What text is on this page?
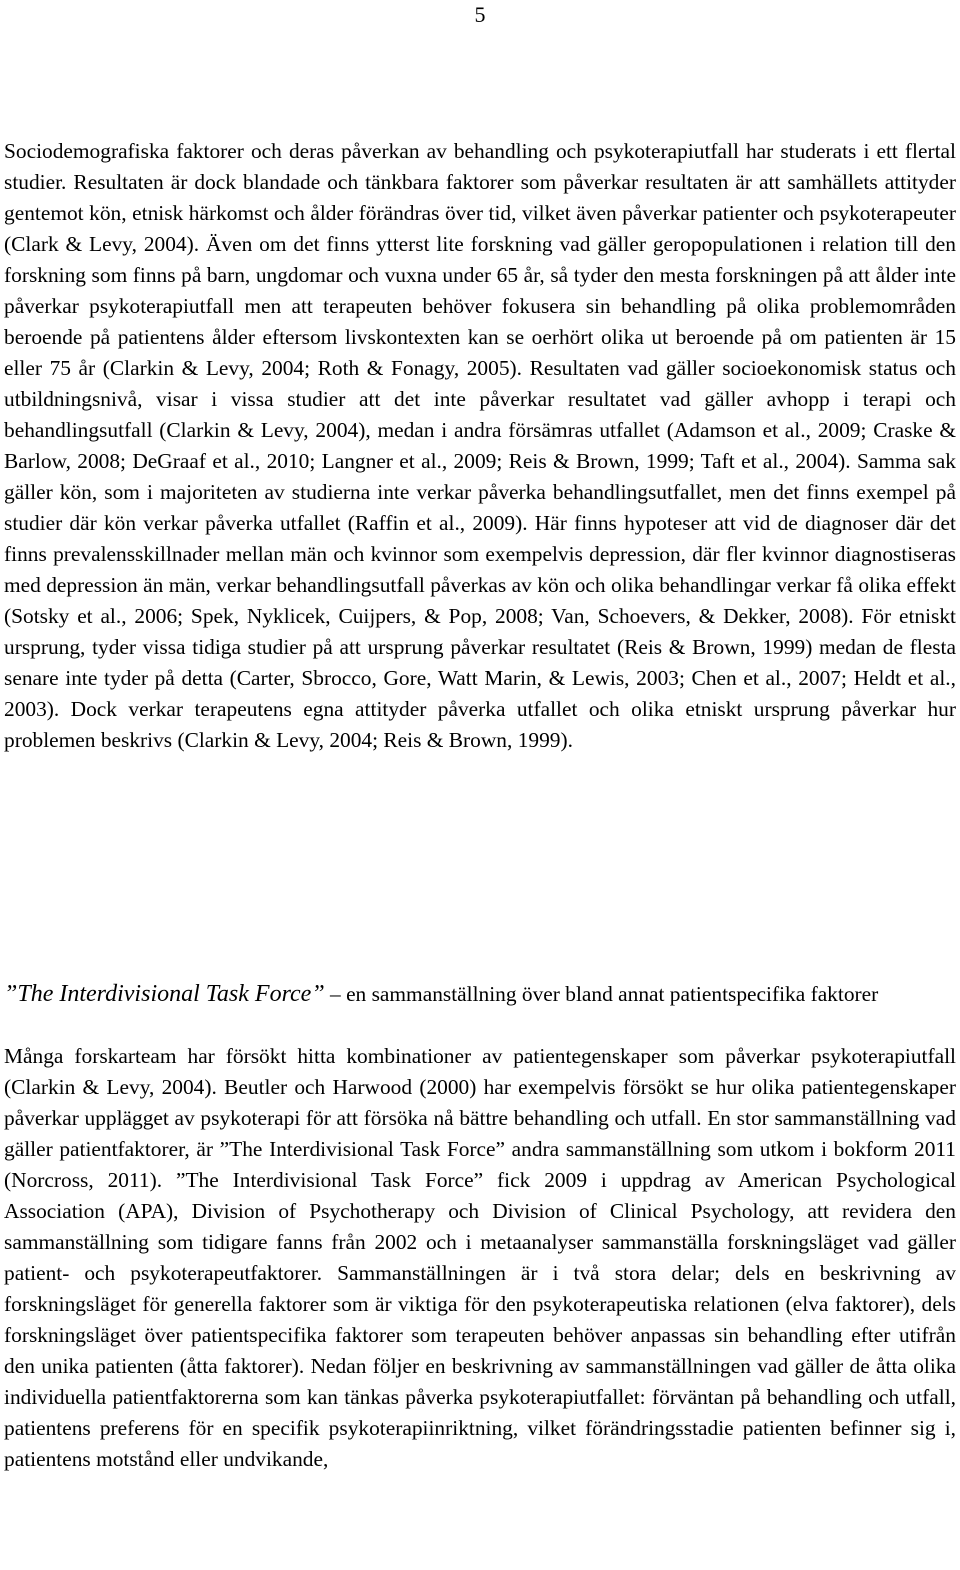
5

Sociodemografiska faktorer och deras påverkan av behandling och psykoterapiutfall har studerats i ett flertal studier. Resultaten är dock blandade och tänkbara faktorer som påverkar resultaten är att samhällets attityder gentemot kön, etnisk härkomst och ålder förändras över tid, vilket även påverkar patienter och psykoterapeuter (Clark & Levy, 2004). Även om det finns ytterst lite forskning vad gäller geropopulationen i relation till den forskning som finns på barn, ungdomar och vuxna under 65 år, så tyder den mesta forskningen på att ålder inte påverkar psykoterapiutfall men att terapeuten behöver fokusera sin behandling på olika problemområden beroende på patientens ålder eftersom livskontexten kan se oerhört olika ut beroende på om patienten är 15 eller 75 år (Clarkin & Levy, 2004; Roth & Fonagy, 2005). Resultaten vad gäller socioekonomisk status och utbildningsnivå, visar i vissa studier att det inte påverkar resultatet vad gäller avhopp i terapi och behandlingsutfall (Clarkin & Levy, 2004), medan i andra försämras utfallet (Adamson et al., 2009; Craske & Barlow, 2008; DeGraaf et al., 2010; Langner et al., 2009; Reis & Brown, 1999; Taft et al., 2004). Samma sak gäller kön, som i majoriteten av studierna inte verkar påverka behandlingsutfallet, men det finns exempel på studier där kön verkar påverka utfallet (Raffin et al., 2009). Här finns hypoteser att vid de diagnoser där det finns prevalensskillnader mellan män och kvinnor som exempelvis depression, där fler kvinnor diagnostiseras med depression än män, verkar behandlingsutfall påverkas av kön och olika behandlingar verkar få olika effekt (Sotsky et al., 2006; Spek, Nyklicek, Cuijpers, & Pop, 2008; Van, Schoevers, & Dekker, 2008). För etniskt ursprung, tyder vissa tidiga studier på att ursprung påverkar resultatet (Reis & Brown, 1999) medan de flesta senare inte tyder på detta (Carter, Sbrocco, Gore, Watt Marin, & Lewis, 2003; Chen et al., 2007; Heldt et al., 2003). Dock verkar terapeutens egna attityder påverka utfallet och olika etniskt ursprung påverkar hur problemen beskrivs (Clarkin & Levy, 2004; Reis & Brown, 1999).

”The Interdivisional Task Force” – en sammanställning över bland annat patientspecifika faktorer

Många forskarteam har försökt hitta kombinationer av patientegenskaper som påverkar psykoterapiutfall (Clarkin & Levy, 2004). Beutler och Harwood (2000) har exempelvis försökt se hur olika patientegenskaper påverkar upplägget av psykoterapi för att försöka nå bättre behandling och utfall. En stor sammanställning vad gäller patientfaktorer, är ”The Interdivisional Task Force” andra sammanställning som utkom i bokform 2011 (Norcross, 2011). ”The Interdivisional Task Force” fick 2009 i uppdrag av American Psychological Association (APA), Division of Psychotherapy och Division of Clinical Psychology, att revidera den sammanställning som tidigare fanns från 2002 och i metaanalyser sammanställa forskningsläget vad gäller patient- och psykoterapeutfaktorer. Sammanställningen är i två stora delar; dels en beskrivning av forskningsläget för generella faktorer som är viktiga för den psykoterapeutiska relationen (elva faktorer), dels forskningsläget över patientspecifika faktorer som terapeuten behöver anpassas sin behandling efter utifrån den unika patienten (åtta faktorer). Nedan följer en beskrivning av sammanställningen vad gäller de åtta olika individuella patientfaktorerna som kan tänkas påverka psykoterapiutfallet: förväntan på behandling och utfall, patientens preferens för en specifik psykoterapiinriktning, vilket förändringsstadie patienten befinner sig i, patientens motstånd eller undvikande,
